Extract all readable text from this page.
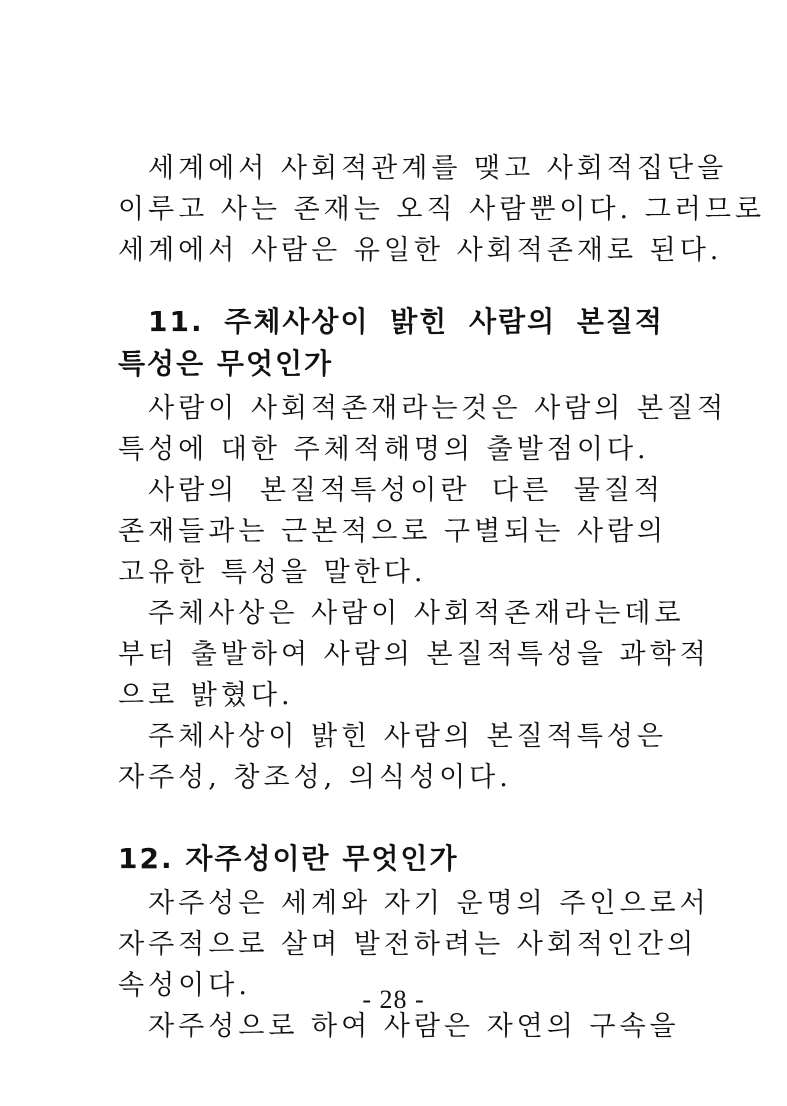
세계에서 사회적관계를 맺고 사회적집단을
이루고 사는 존재는 오직 사람뿐이다. 그러므로
세계에서 사람은 유일한 사회적존재로 된다.
11. 주체사상이 밝힌 사람의 본질적
특성은 무엇인가
사람이 사회적존재라는것은 사람의 본질적
특성에 대한 주체적해명의 출발점이다.
사람의 본질적특성이란 다른 물질적
존재들과는 근본적으로 구별되는 사람의
고유한 특성을 말한다.
주체사상은 사람이 사회적존재라는데로
부터 출발하여 사람의 본질적특성을 과학적
으로 밝혔다.
주체사상이 밝힌 사람의 본질적특성은
자주성, 창조성, 의식성이다.
12. 자주성이란 무엇인가
자주성은 세계와 자기 운명의 주인으로서
자주적으로 살며 발전하려는 사회적인간의
속성이다.
자주성으로 하여 사람은 자연의 구속을
- 28 -
